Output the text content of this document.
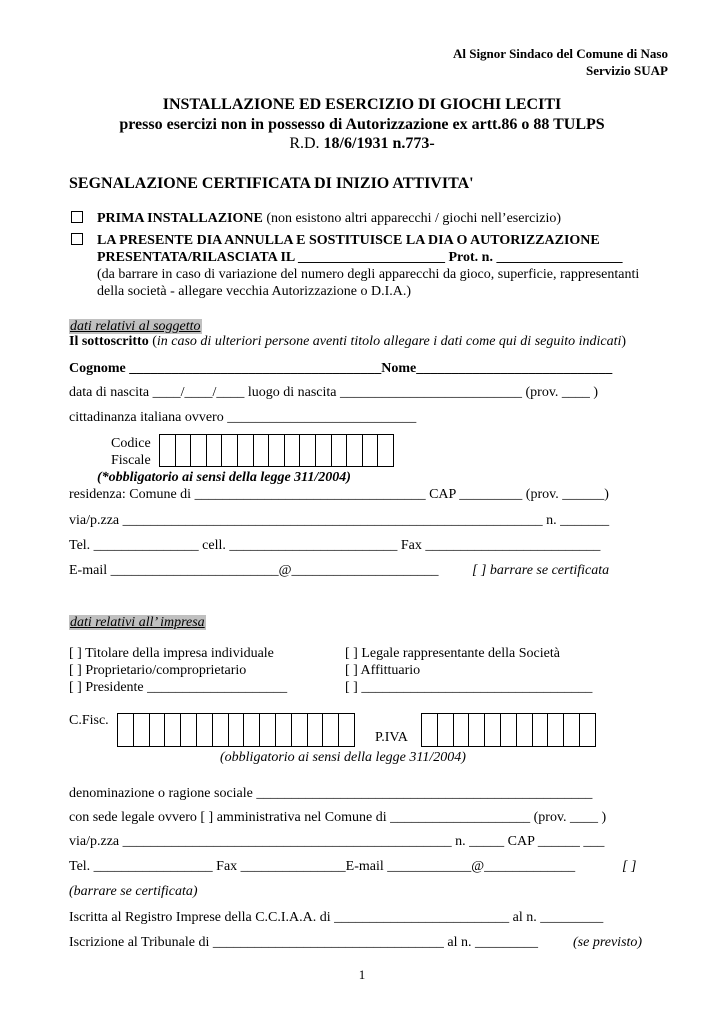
Al Signor Sindaco del Comune di Naso
Servizio SUAP
INSTALLAZIONE ED ESERCIZIO DI GIOCHI LECITI
presso esercizi non in possesso di Autorizzazione ex artt.86 o 88 TULPS
R.D. 18/6/1931 n.773-
SEGNALAZIONE CERTIFICATA DI INIZIO ATTIVITA'
PRIMA INSTALLAZIONE (non esistono altri apparecchi / giochi nell’esercizio)
LA PRESENTE DIA ANNULLA E SOSTITUISCE LA DIA O AUTORIZZAZIONE
PRESENTATA/RILASCIATA IL _____________________ Prot. n. __________________
(da barrare in caso di variazione del numero degli apparecchi da gioco, superficie, rappresentanti
della società - allegare vecchia Autorizzazione o D.I.A.)
dati relativi al soggetto
Il sottoscritto (in caso di ulteriori persone aventi titolo allegare i dati come qui di seguito indicati)
Cognome ____________________________________Nome____________________________
data di nascita ____/____/____ luogo di nascita __________________________ (prov. ____ )
cittadinanza italiana ovvero ___________________________
Codice
Fiscale
(*obbligatorio ai sensi della legge 311/2004)
residenza: Comune di _________________________________ CAP _________ (prov. ______)
via/p.zza ____________________________________________________________ n. _______
Tel. _______________ cell. ________________________ Fax _________________________
E-mail ________________________@_____________________ [ ] barrare se certificata
dati relativi all’ impresa
[ ] Titolare della impresa individuale
[ ] Proprietario/comproprietario
[ ] Presidente ____________________
[ ] Legale rappresentante della Società
[ ] Affittuario
[ ] _________________________________
C.Fisc.
P.IVA
(obbligatorio ai sensi della legge 311/2004)
denominazione o ragione sociale ________________________________________________
con sede legale ovvero [ ] amministrativa nel Comune di ____________________ (prov. ____ )
via/p.zza _______________________________________________ n. _____ CAP ______ ___
Tel. _________________ Fax _______________E-mail ____________@_____________	[ ]
(barrare se certificata)
Iscritta al Registro Imprese della C.C.I.A.A. di _________________________ al n. _________
Iscrizione al Tribunale di _________________________________ al n. _________	(se previsto)
1
